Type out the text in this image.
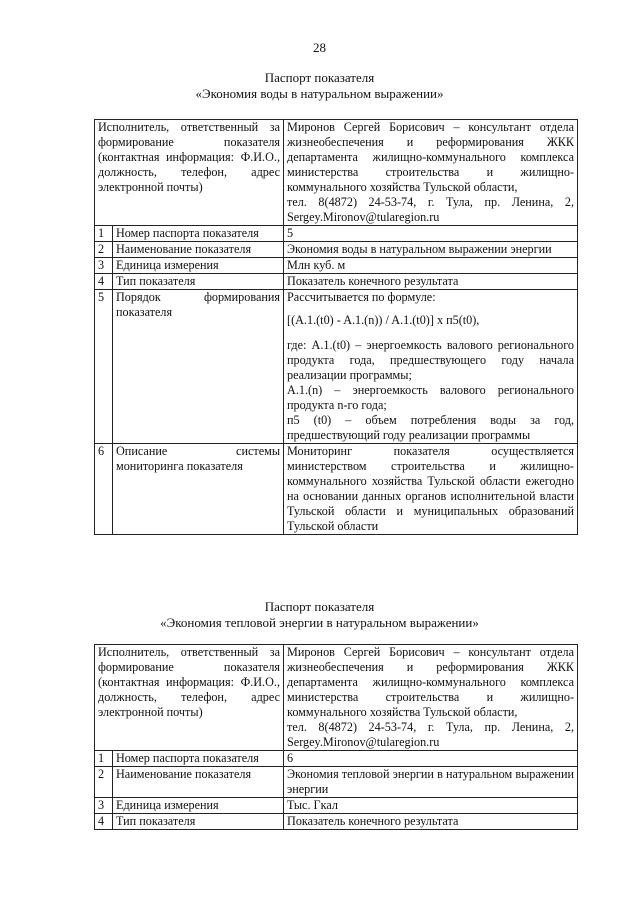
28
Паспорт показателя
«Экономия воды в натуральном выражении»
Исполнитель, ответственный за формирование показателя (контактная информация: Ф.И.О., должность, телефон, адрес электронной почты)		Миронов Сергей Борисович – консультант отдела жизнеобеспечения и реформирования ЖКК департамента жилищно-коммунального комплекса министерства строительства и жилищно-коммунального хозяйства Тульской области,
тел. 8(4872) 24-53-74, г. Тула, пр. Ленина, 2,
Sergey.Mironov@tularegion.ru

1	Номер паспорта показателя	5
2	Наименование показателя	Экономия воды в натуральном выражении энергии
3	Единица измерения	Млн куб. м
4	Тип показателя	Показатель конечного результата
5	Порядок формирования показателя	Рассчитывается по формуле:
[(A.1.(t0) - A.1.(n)) / A.1.(t0)] x п5(t0),
где: A.1.(t0) – энергоемкость валового регионального продукта года, предшествующего году начала реализации программы;
A.1.(n) – энергоемкость валового регионального продукта n-го года;
п5 (t0) – объем потребления воды за год, предшествующий году реализации программы

6	Описание системы мониторинга показателя	Мониторинг показателя осуществляется министерством строительства и жилищно-коммунального хозяйства Тульской области ежегодно на основании данных органов исполнительной власти Тульской области и муниципальных образований Тульской области
Паспорт показателя
«Экономия тепловой энергии в натуральном выражении»
Исполнитель, ответственный за формирование показателя (контактная информация: Ф.И.О., должность, телефон, адрес электронной почты)		Миронов Сергей Борисович – консультант отдела жизнеобеспечения и реформирования ЖКК департамента жилищно-коммунального комплекса министерства строительства и жилищно-коммунального хозяйства Тульской области,
тел. 8(4872) 24-53-74, г. Тула, пр. Ленина, 2,
Sergey.Mironov@tularegion.ru

1	Номер паспорта показателя	6
2	Наименование показателя	Экономия тепловой энергии в натуральном выражении энергии
3	Единица измерения	Тыс. Гкал
4	Тип показателя	Показатель конечного результата
